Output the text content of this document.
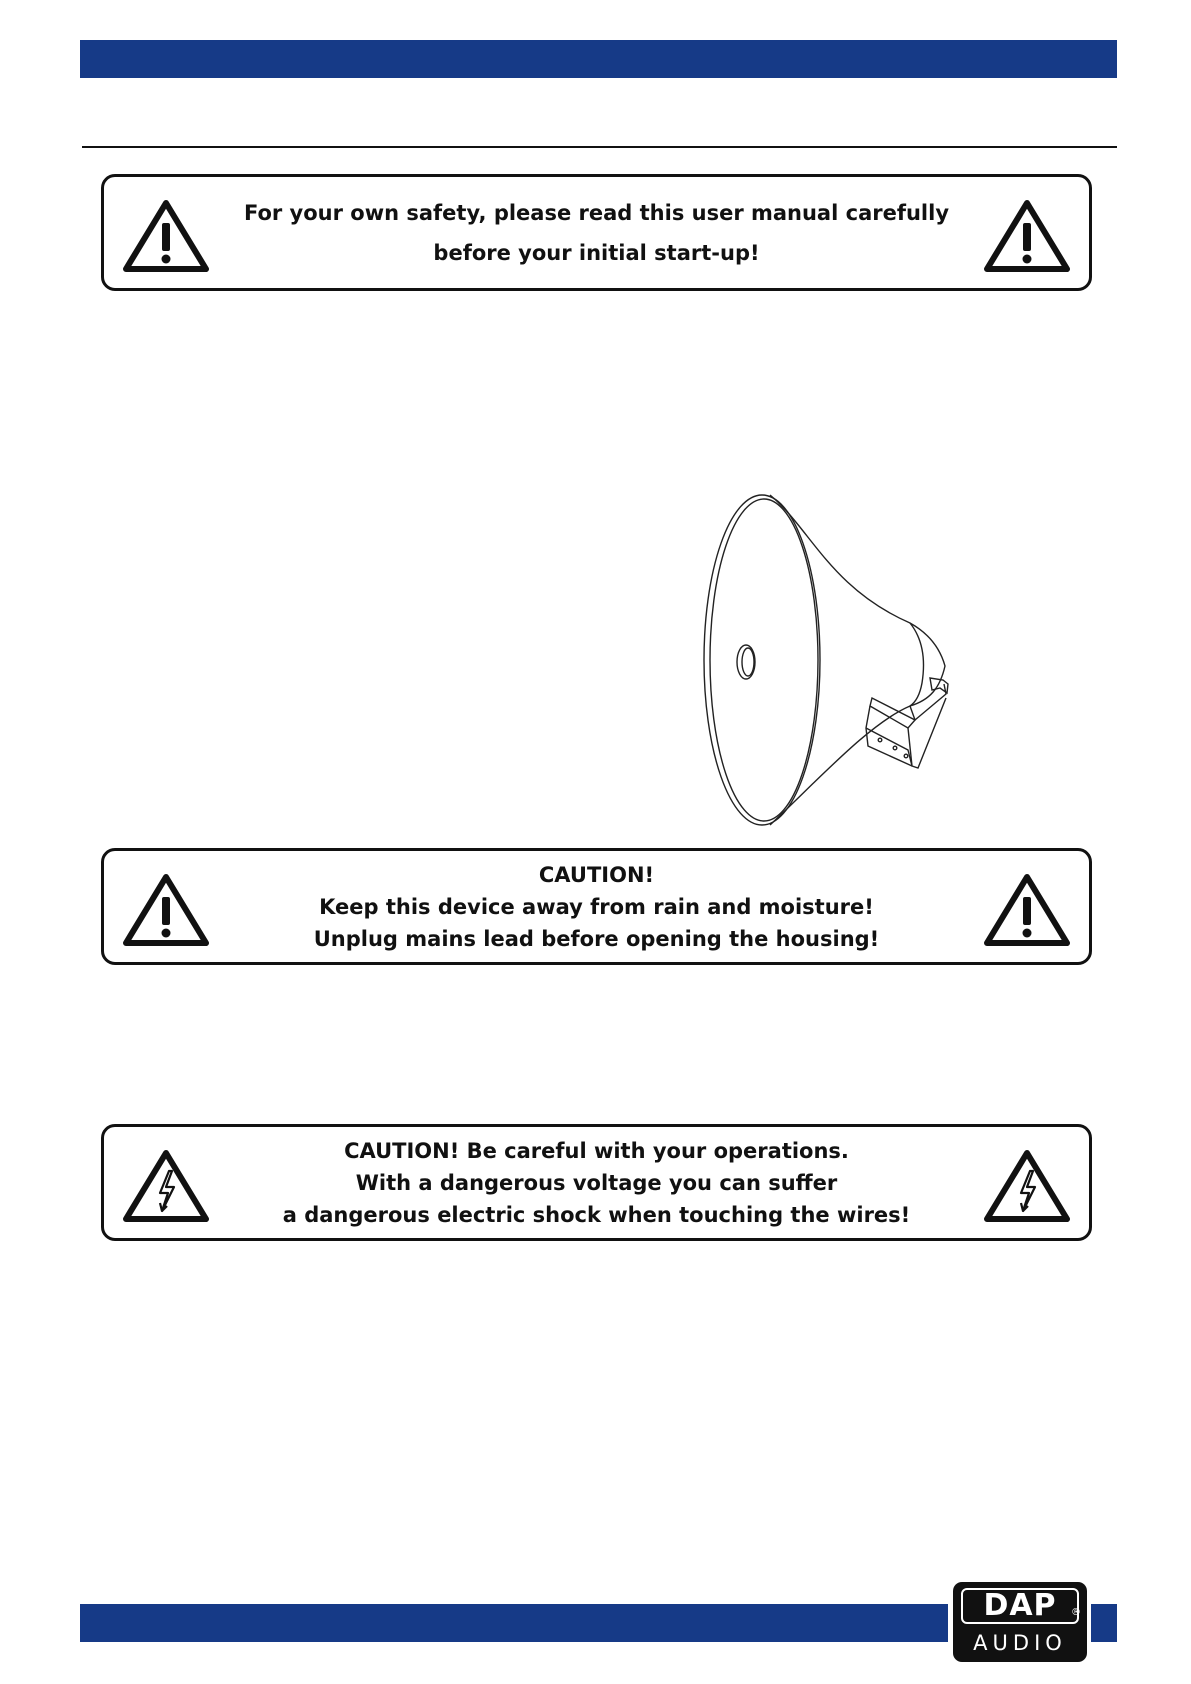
For your own safety, please read this user manual carefully
before your initial start-up!
CAUTION!
Keep this device away from rain and moisture!
Unplug mains lead before opening the housing!
CAUTION! Be careful with your operations.
With a dangerous voltage you can suffer
a dangerous electric shock when touching the wires!
DAP	®
AUDIO
